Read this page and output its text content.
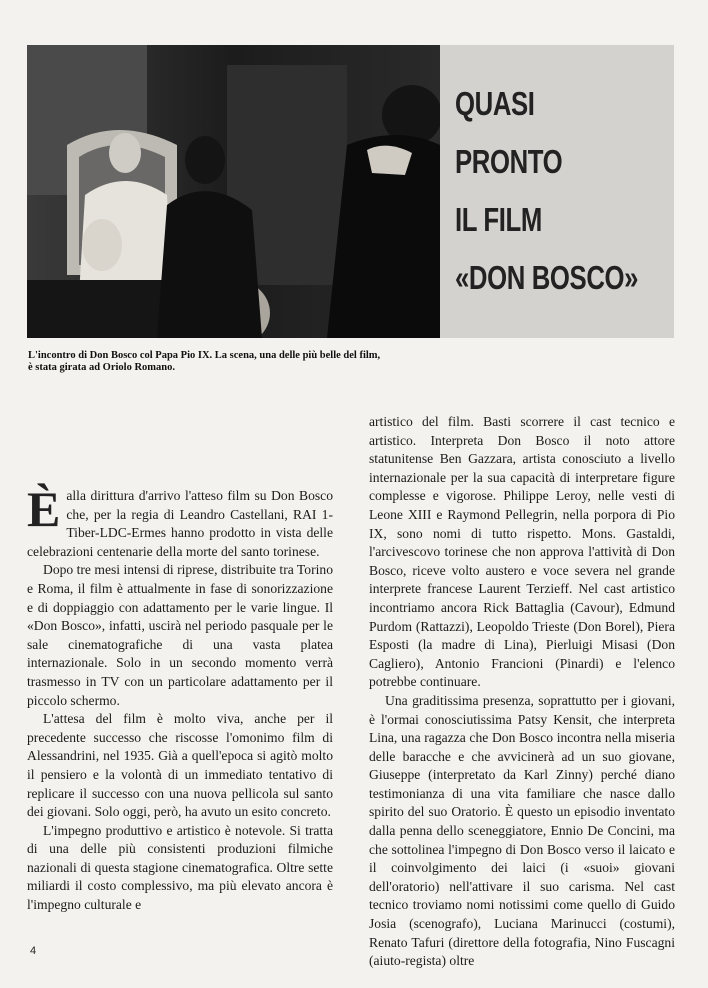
QUASI
PRONTO
IL FILM
«DON BOSCO»
L'incontro di Don Bosco col Papa Pio IX. La scena, una delle più belle del film,
è stata girata ad Oriolo Romano.

Èalla dirittura d'arrivo l'atteso film su Don Bosco che, per la regia di Leandro Castellani, RAI 1-Tiber-LDC-Ermes hanno prodotto in vista delle celebrazioni centenarie della morte del santo torinese.

Dopo tre mesi intensi di riprese, distribuite tra Torino e Roma, il film è attualmente in fase di sonorizzazione e di doppiaggio con adattamento per le varie lingue. Il «Don Bosco», infatti, uscirà nel periodo pasquale per le sale cinematografiche di una vasta platea internazionale. Solo in un secondo momento verrà trasmesso in TV con un particolare adattamento per il piccolo schermo.

L'attesa del film è molto viva, anche per il precedente successo che riscosse l'omonimo film di Alessandrini, nel 1935. Già a quell'epoca si agitò molto il pensiero e la volontà di un immediato tentativo di replicare il successo con una nuova pellicola sul santo dei giovani. Solo oggi, però, ha avuto un esito concreto.

L'impegno produttivo e artistico è notevole. Si tratta di una delle più consistenti produzioni filmiche nazionali di questa stagione cinematografica. Oltre sette miliardi il costo complessivo, ma più elevato ancora è l'impegno culturale e

artistico del film. Basti scorrere il cast tecnico e artistico. Interpreta Don Bosco il noto attore statunitense Ben Gazzara, artista conosciuto a livello internazionale per la sua capacità di interpretare figure complesse e vigorose. Philippe Leroy, nelle vesti di Leone XIII e Raymond Pellegrin, nella porpora di Pio IX, sono nomi di tutto rispetto. Mons. Gastaldi, l'arcivescovo torinese che non approva l'attività di Don Bosco, riceve volto austero e voce severa nel grande interprete francese Laurent Terzieff. Nel cast artistico incontriamo ancora Rick Battaglia (Cavour), Edmund Purdom (Rattazzi), Leopoldo Trieste (Don Borel), Piera Esposti (la madre di Lina), Pierluigi Misasi (Don Cagliero), Antonio Francioni (Pinardi) e l'elenco potrebbe continuare.

Una graditissima presenza, soprattutto per i giovani, è l'ormai conosciutissima Patsy Kensit, che interpreta Lina, una ragazza che Don Bosco incontra nella miseria delle baracche e che avvicinerà ad un suo giovane, Giuseppe (interpretato da Karl Zinny) perché diano testimonianza di una vita familiare che nasce dallo spirito del suo Oratorio. È questo un episodio inventato dalla penna dello sceneggiatore, Ennio De Concini, ma che sottolinea l'impegno di Don Bosco verso il laicato e il coinvolgimento dei laici (i «suoi» giovani dell'oratorio) nell'attivare il suo carisma. Nel cast tecnico troviamo nomi notissimi come quello di Guido Josia (scenografo), Luciana Marinucci (costumi), Renato Tafuri (direttore della fotografia, Nino Fuscagni (aiuto-regista) oltre

4
